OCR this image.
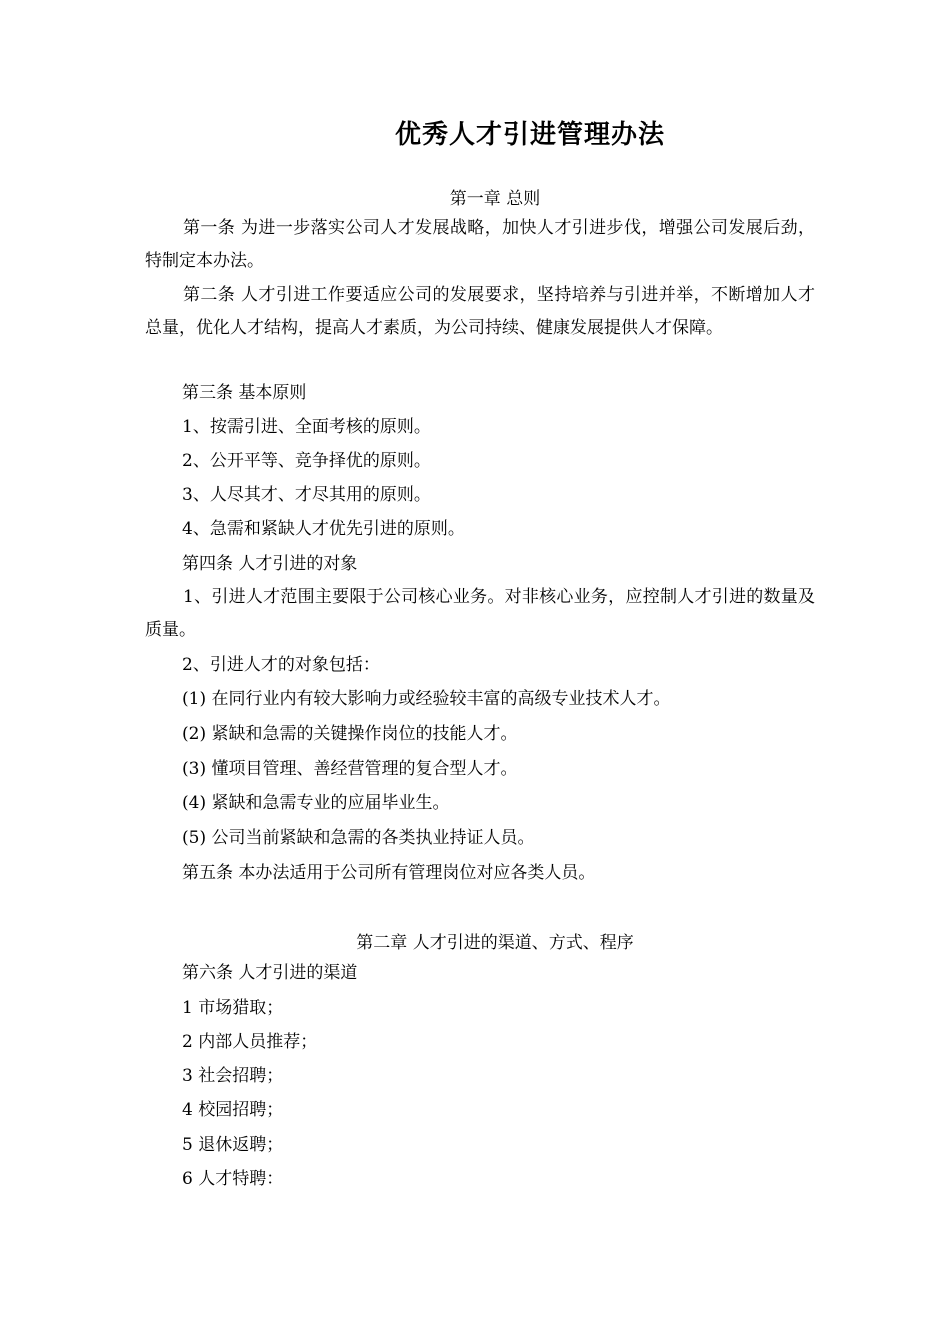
优秀人才引进管理办法
第一章 总则
第一条 为进一步落实公司人才发展战略，加快人才引进步伐，增强公司发展后劲，特制定本办法。
第二条 人才引进工作要适应公司的发展要求，坚持培养与引进并举，不断增加人才总量，优化人才结构，提高人才素质，为公司持续、健康发展提供人才保障。
第三条 基本原则
1、按需引进、全面考核的原则。
2、公开平等、竞争择优的原则。
3、人尽其才、才尽其用的原则。
4、急需和紧缺人才优先引进的原则。
第四条 人才引进的对象
1、引进人才范围主要限于公司核心业务。对非核心业务，应控制人才引进的数量及质量。
2、引进人才的对象包括：
(1) 在同行业内有较大影响力或经验较丰富的高级专业技术人才。
(2) 紧缺和急需的关键操作岗位的技能人才。
(3) 懂项目管理、善经营管理的复合型人才。
(4) 紧缺和急需专业的应届毕业生。
(5) 公司当前紧缺和急需的各类执业持证人员。
第五条 本办法适用于公司所有管理岗位对应各类人员。
第二章 人才引进的渠道、方式、程序
第六条 人才引进的渠道
1 市场猎取；
2 内部人员推荐；
3 社会招聘；
4 校园招聘；
5 退休返聘；
6 人才特聘：
